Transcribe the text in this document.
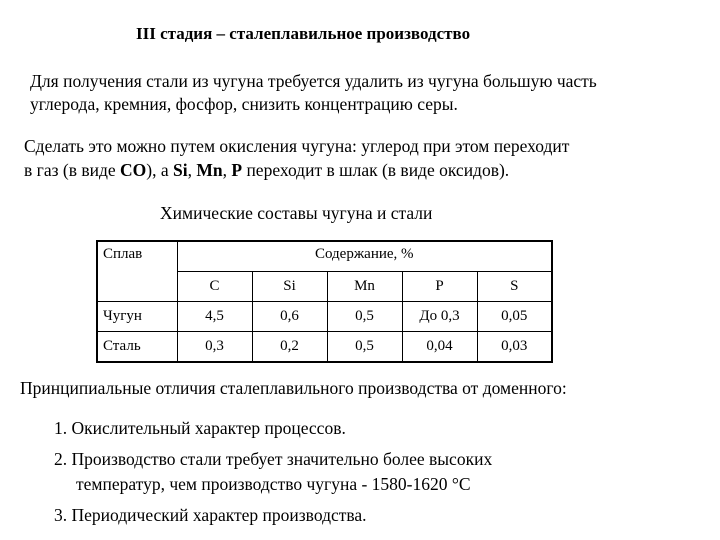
III стадия – сталеплавильное производство
Для получения стали из чугуна требуется удалить из чугуна большую часть
углерода, кремния, фосфор, снизить концентрацию серы.
Сделать это можно путем окисления чугуна: углерод при этом переходит
в газ (в виде CO), а Si, Mn, P переходит в шлак (в виде оксидов).
Химические составы чугуна и стали
Сплав	Содержание, %				
	C	Si	Mn	P	S
Чугун	4,5	0,6	0,5	До 0,3	0,05
Сталь	0,3	0,2	0,5	0,04	0,03
Принципиальные отличия сталеплавильного производства от доменного:
1. Окислительный характер процессов.
2. Производство стали требует значительно более высоких
температур, чем производство чугуна - 1580-1620 °С
3. Периодический характер производства.
